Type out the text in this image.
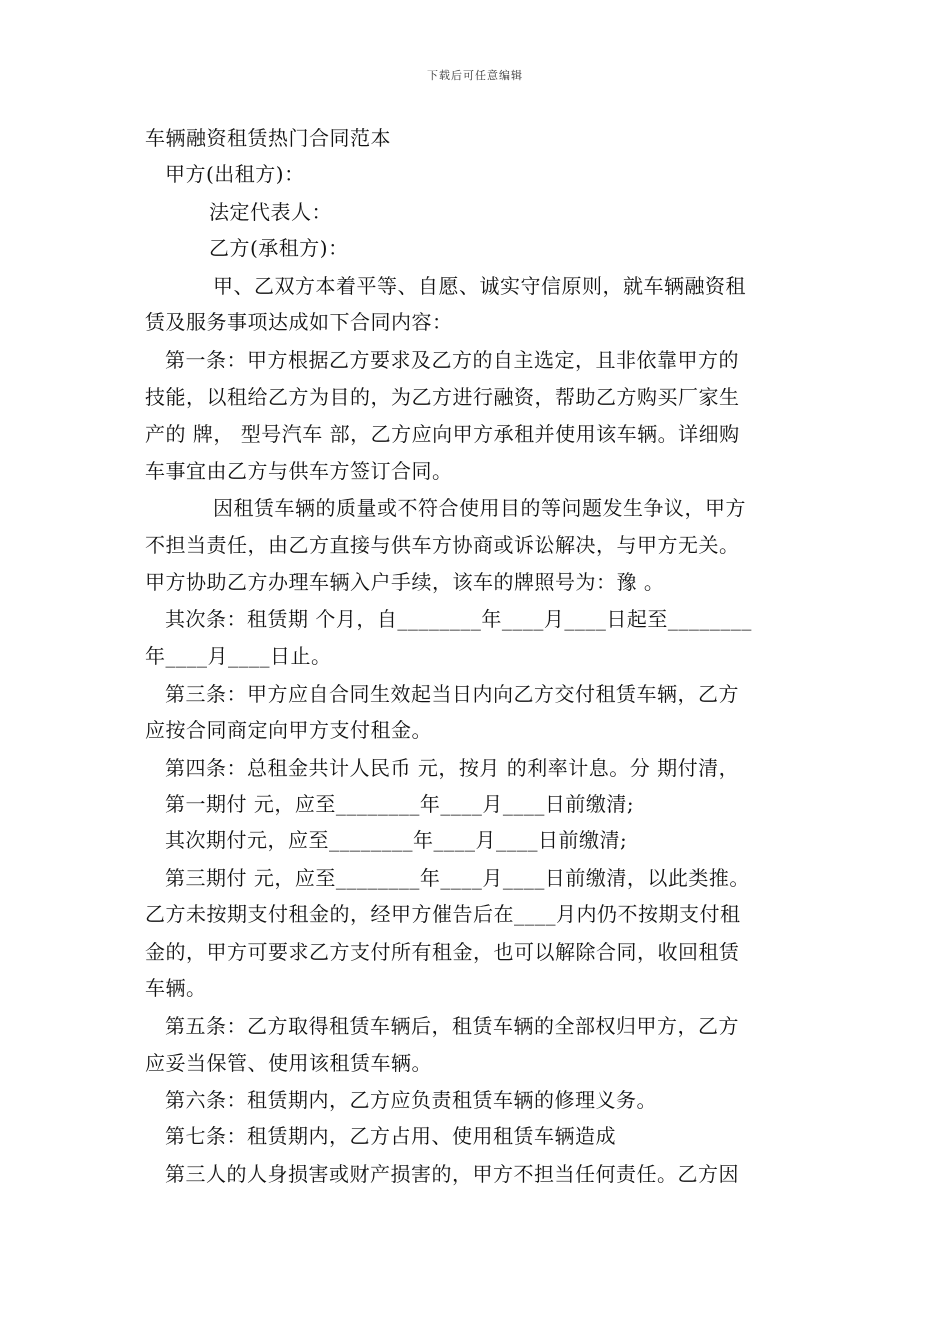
下载后可任意编辑
车辆融资租赁热门合同范本
甲方(出租方)：
法定代表人：
乙方(承租方)：
甲、乙双方本着平等、自愿、诚实守信原则，就车辆融资租
赁及服务事项达成如下合同内容：
第一条：甲方根据乙方要求及乙方的自主选定，且非依靠甲方的
技能，以租给乙方为目的，为乙方进行融资，帮助乙方购买厂家生
产的 牌， 型号汽车 部，乙方应向甲方承租并使用该车辆。详细购
车事宜由乙方与供车方签订合同。
因租赁车辆的质量或不符合使用目的等问题发生争议，甲方
不担当责任，由乙方直接与供车方协商或诉讼解决，与甲方无关。
甲方协助乙方办理车辆入户手续，该车的牌照号为：豫 。
其次条：租赁期 个月，自________年____月____日起至________
年____月____日止。
第三条：甲方应自合同生效起当日内向乙方交付租赁车辆，乙方
应按合同商定向甲方支付租金。
第四条：总租金共计人民币 元，按月 的利率计息。分 期付清，
第一期付 元，应至________年____月____日前缴清;
其次期付元，应至________年____月____日前缴清;
第三期付 元，应至________年____月____日前缴清，以此类推。
乙方未按期支付租金的，经甲方催告后在____月内仍不按期支付租
金的，甲方可要求乙方支付所有租金，也可以解除合同，收回租赁
车辆。
第五条：乙方取得租赁车辆后，租赁车辆的全部权归甲方，乙方
应妥当保管、使用该租赁车辆。
第六条：租赁期内，乙方应负责租赁车辆的修理义务。
第七条：租赁期内，乙方占用、使用租赁车辆造成
第三人的人身损害或财产损害的，甲方不担当任何责任。乙方因
